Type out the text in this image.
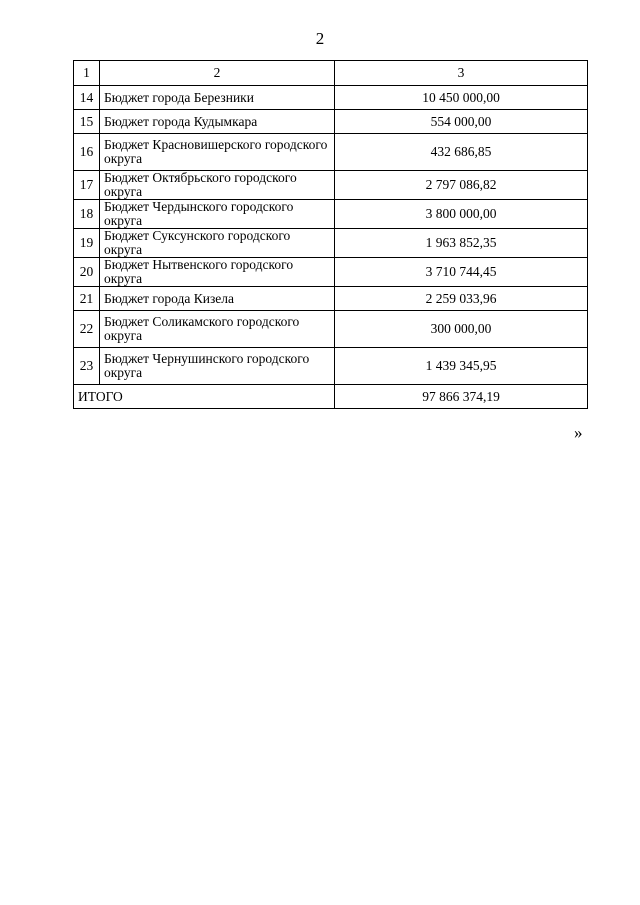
2
1	2	3
14	Бюджет города Березники	10 450 000,00
15	Бюджет города Кудымкара	554 000,00
16	Бюджет Красновишерского городского округа	432 686,85
17	Бюджет Октябрьского городского округа	2 797 086,82
18	Бюджет Чердынского городского округа	3 800 000,00
19	Бюджет Суксунского городского округа	1 963 852,35
20	Бюджет Нытвенского городского округа	3 710 744,45
21	Бюджет города Кизела	2 259 033,96
22	Бюджет Соликамского городского округа	300 000,00
23	Бюджет Чернушинского городского округа	1 439 345,95
ИТОГО		97 866 374,19
»
